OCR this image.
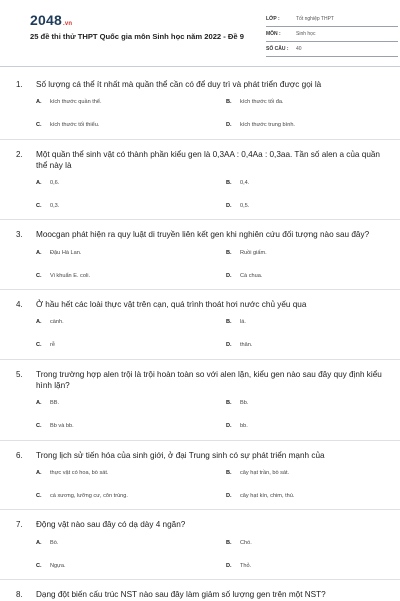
2048.vn
25 đề thi thử THPT Quốc gia môn Sinh học năm 2022 - Đề 9
LỚP :	Tốt nghiệp THPT
MÔN :	Sinh học
SỐ CÂU :	40
1.	Số lượng cá thể ít nhất mà quần thể cần có để duy trì và phát triển được gọi là
A.	kích thước quần thể.	B.	kích thước tối đa.
C.	kích thước tối thiểu.	D.	kích thước trung bình.
2.	Một quần thể sinh vật có thành phần kiểu gen là 0,3AA : 0,4Aa : 0,3aa. Tần số alen a của quần thể này là
A.	0,6.	B.	0,4.
C.	0,3.	D.	0,5.
3.	Moocgan phát hiện ra quy luật di truyền liên kết gen khi nghiên cứu đối tượng nào sau đây?
A.	Đậu Hà Lan.	B.	Ruồi giấm.
C.	Vi khuẩn E. coli.	D.	Cà chua.
4.	Ở hầu hết các loài thực vật trên cạn, quá trình thoát hơi nước chủ yếu qua
A.	cành.	B.	lá.
C.	rễ	D.	thân.
5.	Trong trường hợp alen trội là trội hoàn toàn so với alen lặn, kiểu gen nào sau đây quy định kiểu hình lặn?
A.	BB.	B.	Bb.
C.	Bb và bb.	D.	bb.
6.	Trong lịch sử tiến hóa của sinh giới, ở đại Trung sinh có sự phát triển mạnh của
A.	thực vật có hoa, bò sát.	B.	cây hạt trần, bò sát.
C.	cá xương, lưỡng cư, côn trùng.	D.	cây hạt kín, chim, thú.
7.	Động vật nào sau đây có dạ dày 4 ngăn?
A.	Bò.	B.	Chó.
C.	Ngựa.	D.	Thỏ.
8.	Dạng đột biến cấu trúc NST nào sau đây làm giảm số lượng gen trên một NST?
